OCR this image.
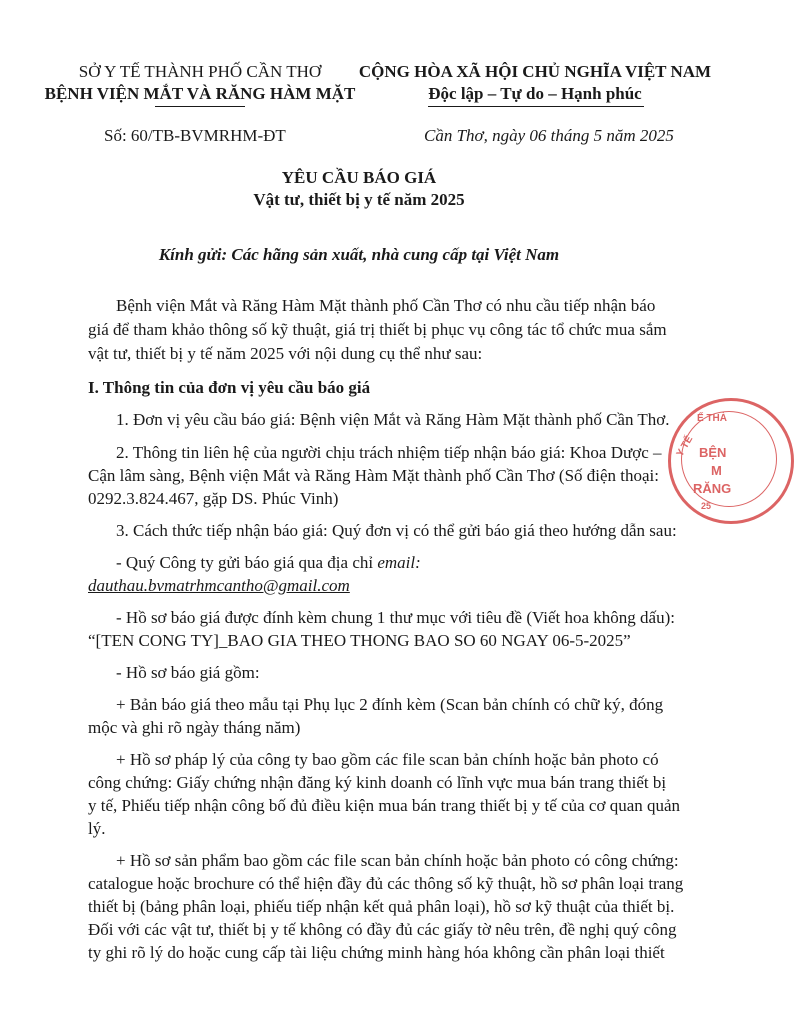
SỞ Y TẾ THÀNH PHỐ CẦN THƠ
BỆNH VIỆN MẮT VÀ RĂNG HÀM MẶT
CỘNG HÒA XÃ HỘI CHỦ NGHĨA VIỆT NAM
Độc lập – Tự do – Hạnh phúc
Số: 60/TB-BVMRHM-ĐT	Cần Thơ, ngày 06 tháng 5 năm 2025
YÊU CẦU BÁO GIÁ
Vật tư, thiết bị y tế năm 2025
Kính gửi: Các hãng sản xuất, nhà cung cấp tại Việt Nam
Bệnh viện Mắt và Răng Hàm Mặt thành phố Cần Thơ có nhu cầu tiếp nhận báo
giá để tham khảo thông số kỹ thuật, giá trị thiết bị phục vụ công tác tổ chức mua sắm
vật tư, thiết bị y tế năm 2025 với nội dung cụ thể như sau:
I. Thông tin của đơn vị yêu cầu báo giá
1. Đơn vị yêu cầu báo giá: Bệnh viện Mắt và Răng Hàm Mặt thành phố Cần Thơ.
2. Thông tin liên hệ của người chịu trách nhiệm tiếp nhận báo giá: Khoa Dược –
Cận lâm sàng, Bệnh viện Mắt và Răng Hàm Mặt thành phố Cần Thơ (Số điện thoại:
0292.3.824.467, gặp DS. Phúc Vinh)
3. Cách thức tiếp nhận báo giá: Quý đơn vị có thể gửi báo giá theo hướng dẫn sau:
- Quý Công ty gửi báo giá qua địa chỉ email:
dauthau.bvmatrhmcantho@gmail.com
- Hồ sơ báo giá được đính kèm chung 1 thư mục với tiêu đề (Viết hoa không dấu):
“[TEN CONG TY]_BAO GIA THEO THONG BAO SO 60 NGAY 06-5-2025”
- Hồ sơ báo giá gồm:
+ Bản báo giá theo mẫu tại Phụ lục 2 đính kèm (Scan bản chính có chữ ký, đóng
mộc và ghi rõ ngày tháng năm)
+ Hồ sơ pháp lý của công ty bao gồm các file scan bản chính hoặc bản photo có
công chứng: Giấy chứng nhận đăng ký kinh doanh có lĩnh vực mua bán trang thiết bị
y tế, Phiếu tiếp nhận công bố đủ điều kiện mua bán trang thiết bị y tế của cơ quan quản
lý.
+ Hồ sơ sản phẩm bao gồm các file scan bản chính hoặc bản photo có công chứng:
catalogue hoặc brochure có thể hiện đầy đủ các thông số kỹ thuật, hồ sơ phân loại trang
thiết bị (bảng phân loại, phiếu tiếp nhận kết quả phân loại), hồ sơ kỹ thuật của thiết bị.
Đối với các vật tư, thiết bị y tế không có đầy đủ các giấy tờ nêu trên, đề nghị quý công
ty ghi rõ lý do hoặc cung cấp tài liệu chứng minh hàng hóa không cần phân loại thiết
Ế THÀ
Y TẾ BỆN
M
RĂNG
25
